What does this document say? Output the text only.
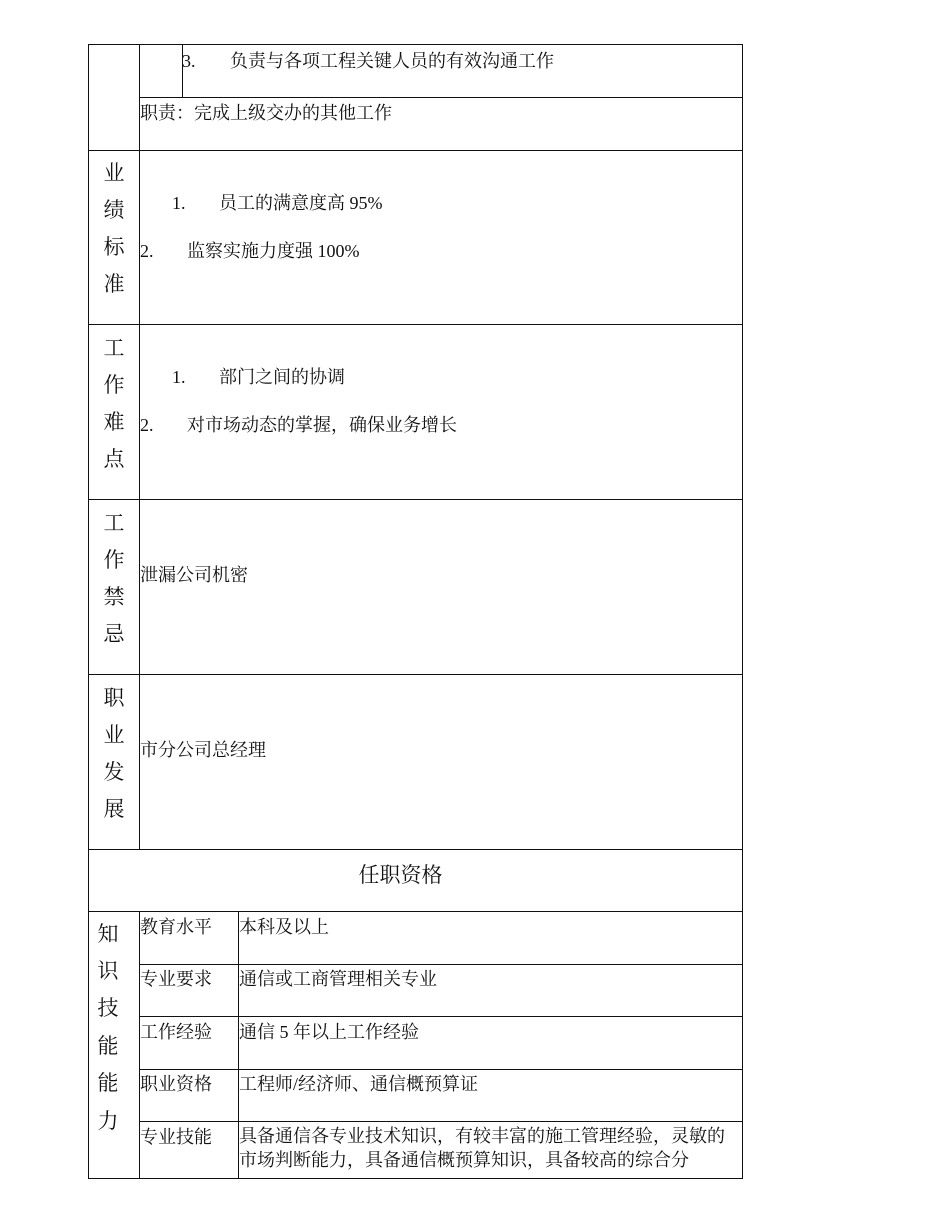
3. 负责与各项工程关键人员的有效沟通工作
职责：完成上级交办的其他工作
业
绩
标
准
1. 员工的满意度高 95%
2. 监察实施力度强 100%
工
作
难
点
1. 部门之间的协调
2. 对市场动态的掌握，确保业务增长
工
作
禁
忌
泄漏公司机密
职
业
发
展
市分公司总经理
任职资格
知
识
技
能
能
力
教育水平 本科及以上
专业要求 通信或工商管理相关专业
工作经验 通信 5 年以上工作经验
职业资格 工程师/经济师、通信概预算证
专业技能 具备通信各专业技术知识，有较丰富的施工管理经验，灵敏的市场判断能力，具备通信概预算知识，具备较高的综合分
